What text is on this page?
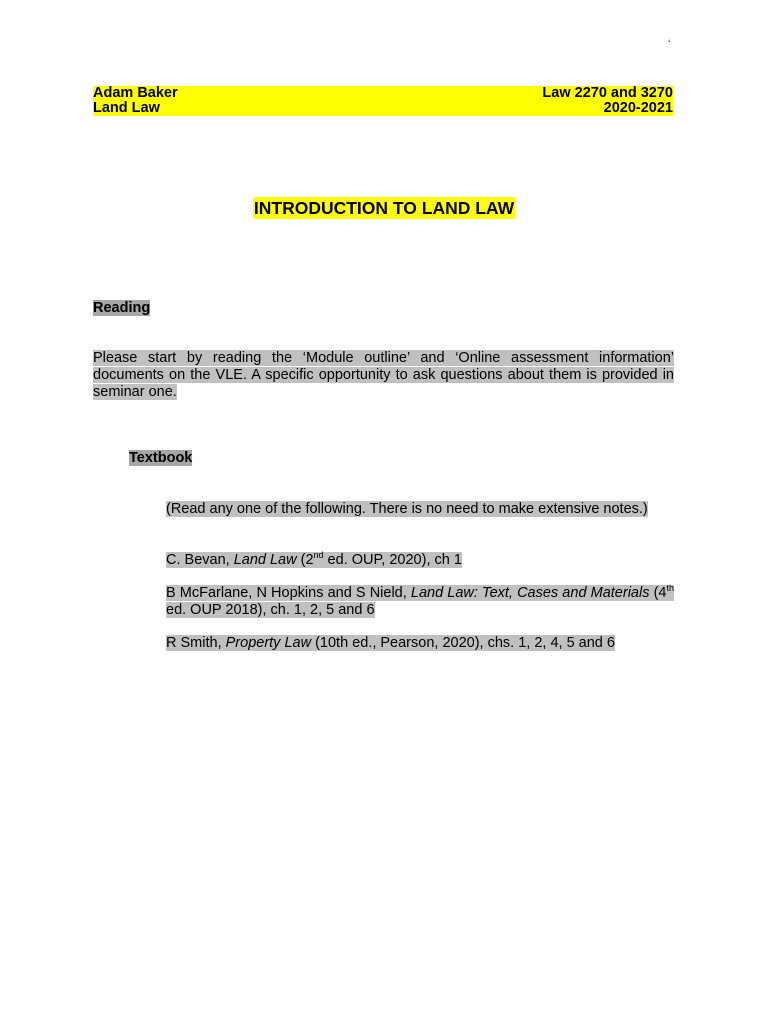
‘
Adam Baker	Law 2270 and 3270
Land Law	2020-2021
INTRODUCTION TO LAND LAW
Reading
Please start by reading the ‘Module outline’ and ‘Online assessment information’ documents on the VLE. A specific opportunity to ask questions about them is provided in seminar one.
Textbook
(Read any one of the following. There is no need to make extensive notes.)
C. Bevan, Land Law (2nd ed. OUP, 2020), ch 1
B McFarlane, N Hopkins and S Nield, Land Law: Text, Cases and Materials (4th ed. OUP 2018), ch. 1, 2, 5 and 6
R Smith, Property Law (10th ed., Pearson, 2020), chs. 1, 2, 4, 5 and 6
